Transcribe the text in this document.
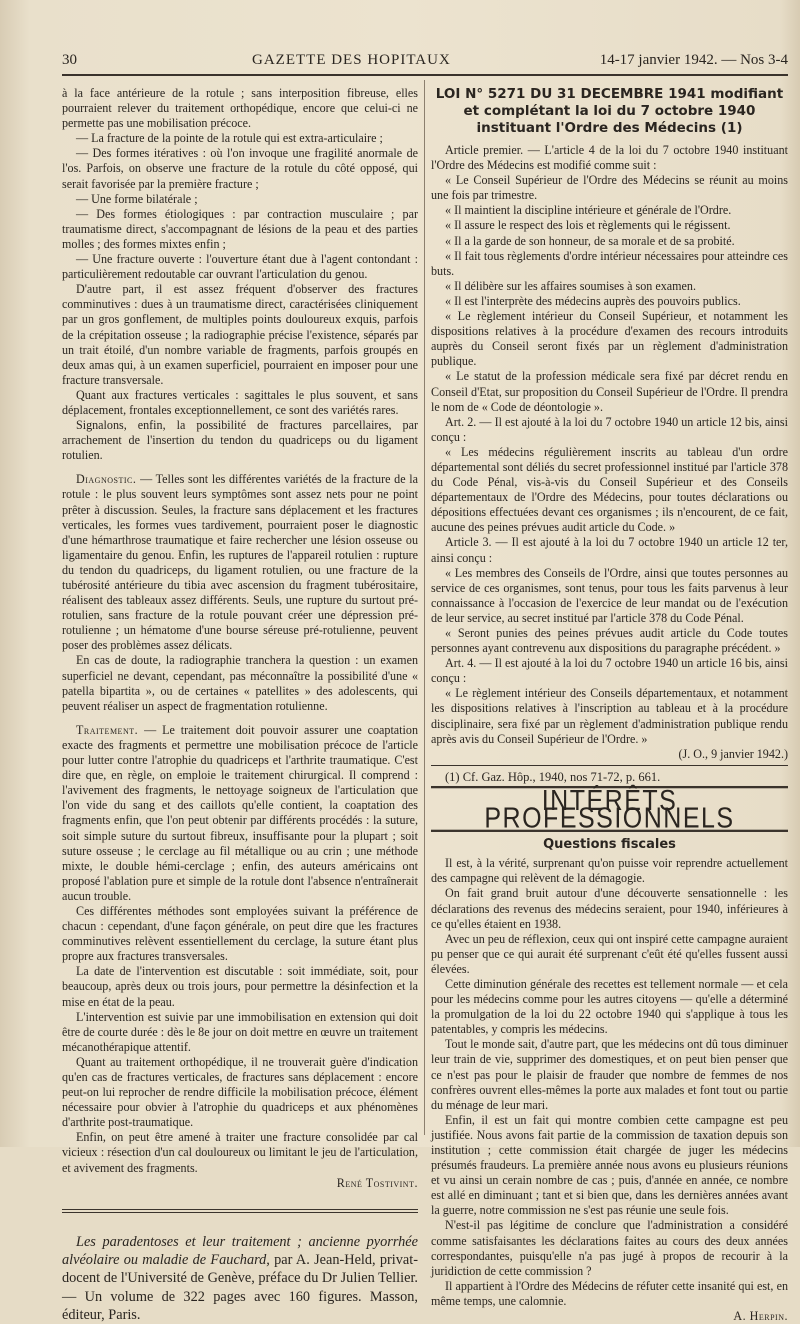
30	GAZETTE DES HOPITAUX	14-17 janvier 1942. — Nos 3-4

à la face antérieure de la rotule ; sans interposition fibreuse, elles pourraient relever du traitement orthopédique, encore que celui-ci ne permette pas une mobilisation précoce.

— La fracture de la pointe de la rotule qui est extra-articulaire ;

— Des formes itératives : où l'on invoque une fragilité anormale de l'os. Parfois, on observe une fracture de la rotule du côté opposé, qui serait favorisée par la première fracture ;

— Une forme bilatérale ;

— Des formes étiologiques : par contraction musculaire ; par traumatisme direct, s'accompagnant de lésions de la peau et des parties molles ; des formes mixtes enfin ;

— Une fracture ouverte : l'ouverture étant due à l'agent contondant : particulièrement redoutable car ouvrant l'articulation du genou.

D'autre part, il est assez fréquent d'observer des fractures comminutives : dues à un traumatisme direct, caractérisées cliniquement par un gros gonflement, de multiples points douloureux exquis, parfois de la crépitation osseuse ; la radiographie précise l'existence, séparés par un trait étoilé, d'un nombre variable de fragments, parfois groupés en deux amas qui, à un examen superficiel, pourraient en imposer pour une fracture transversale.

Quant aux fractures verticales : sagittales le plus souvent, et sans déplacement, frontales exceptionnellement, ce sont des variétés rares.

Signalons, enfin, la possibilité de fractures parcellaires, par arrachement de l'insertion du tendon du quadriceps ou du ligament rotulien.

Diagnostic. — Telles sont les différentes variétés de la fracture de la rotule : le plus souvent leurs symptômes sont assez nets pour ne point prêter à discussion. Seules, la fracture sans déplacement et les fractures verticales, les formes vues tardivement, pourraient poser le diagnostic d'une hémarthrose traumatique et faire rechercher une lésion osseuse ou ligamentaire du genou. Enfin, les ruptures de l'appareil rotulien : rupture du tendon du quadriceps, du ligament rotulien, ou une fracture de la tubérosité antérieure du tibia avec ascension du fragment tubérositaire, réalisent des tableaux assez différents. Seuls, une rupture du surtout pré-rotulien, sans fracture de la rotule pouvant créer une dépression pré-rotulienne ; un hématome d'une bourse séreuse pré-rotulienne, peuvent poser des problèmes assez délicats.

En cas de doute, la radiographie tranchera la question : un examen superficiel ne devant, cependant, pas méconnaître la possibilité d'une « patella bipartita », ou de certaines « patellites » des adolescents, qui peuvent réaliser un aspect de fragmentation rotulienne.

Traitement. — Le traitement doit pouvoir assurer une coaptation exacte des fragments et permettre une mobilisation précoce de l'article pour lutter contre l'atrophie du quadriceps et l'arthrite traumatique. C'est dire que, en règle, on emploie le traitement chirurgical. Il comprend : l'avivement des fragments, le nettoyage soigneux de l'articulation que l'on vide du sang et des caillots qu'elle contient, la coaptation des fragments enfin, que l'on peut obtenir par différents procédés : la suture, soit simple suture du surtout fibreux, insuffisante pour la plupart ; soit suture osseuse ; le cerclage au fil métallique ou au crin ; une méthode mixte, le double hémi-cerclage ; enfin, des auteurs américains ont proposé l'ablation pure et simple de la rotule dont l'absence n'entraînerait aucun trouble.

Ces différentes méthodes sont employées suivant la préférence de chacun : cependant, d'une façon générale, on peut dire que les fractures comminutives relèvent essentiellement du cerclage, la suture étant plus propre aux fractures transversales.

La date de l'intervention est discutable : soit immédiate, soit, pour beaucoup, après deux ou trois jours, pour permettre la désinfection et la mise en état de la peau.

L'intervention est suivie par une immobilisation en extension qui doit être de courte durée : dès le 8e jour on doit mettre en œuvre un traitement mécanothérapique attentif.

Quant au traitement orthopédique, il ne trouverait guère d'indication qu'en cas de fractures verticales, de fractures sans déplacement : encore peut-on lui reprocher de rendre difficile la mobilisation précoce, élément nécessaire pour obvier à l'atrophie du quadriceps et aux phénomènes d'arthrite post-traumatique.

Enfin, on peut être amené à traiter une fracture consolidée par cal vicieux : résection d'un cal douloureux ou limitant le jeu de l'articulation, et avivement des fragments.

René Tostivint.

Les paradentoses et leur traitement ; ancienne pyorrhée alvéolaire ou maladie de Fauchard, par A. Jean-Held, privat-docent de l'Université de Genève, préface du Dr Julien Tellier. — Un volume de 322 pages avec 160 figures. Masson, éditeur, Paris.

LOI N° 5271 DU 31 DECEMBRE 1941 modifiant et complétant la loi du 7 octobre 1940 instituant l'Ordre des Médecins (1)

Article premier. — L'article 4 de la loi du 7 octobre 1940 instituant l'Ordre des Médecins est modifié comme suit :

« Le Conseil Supérieur de l'Ordre des Médecins se réunit au moins une fois par trimestre.

« Il maintient la discipline intérieure et générale de l'Ordre.

« Il assure le respect des lois et règlements qui le régissent.

« Il a la garde de son honneur, de sa morale et de sa probité.

« Il fait tous règlements d'ordre intérieur nécessaires pour atteindre ces buts.

« Il délibère sur les affaires soumises à son examen.

« Il est l'interprète des médecins auprès des pouvoirs publics.

« Le règlement intérieur du Conseil Supérieur, et notamment les dispositions relatives à la procédure d'examen des recours introduits auprès du Conseil seront fixés par un règlement d'administration publique.

« Le statut de la profession médicale sera fixé par décret rendu en Conseil d'Etat, sur proposition du Conseil Supérieur de l'Ordre. Il prendra le nom de « Code de déontologie ».

Art. 2. — Il est ajouté à la loi du 7 octobre 1940 un article 12 bis, ainsi conçu :

« Les médecins régulièrement inscrits au tableau d'un ordre départemental sont déliés du secret professionnel institué par l'article 378 du Code Pénal, vis-à-vis du Conseil Supérieur et des Conseils départementaux de l'Ordre des Médecins, pour toutes déclarations ou dépositions effectuées devant ces organismes ; ils n'encourent, de ce fait, aucune des peines prévues audit article du Code. »

Article 3. — Il est ajouté à la loi du 7 octobre 1940 un article 12 ter, ainsi conçu :

« Les membres des Conseils de l'Ordre, ainsi que toutes personnes au service de ces organismes, sont tenus, pour tous les faits parvenus à leur connaissance à l'occasion de l'exercice de leur mandat ou de l'exécution de leur service, au secret institué par l'article 378 du Code Pénal.

« Seront punies des peines prévues audit article du Code toutes personnes ayant contrevenu aux dispositions du paragraphe précédent. »

Art. 4. — Il est ajouté à la loi du 7 octobre 1940 un article 16 bis, ainsi conçu :

« Le règlement intérieur des Conseils départementaux, et notamment les dispositions relatives à l'inscription au tableau et à la procédure disciplinaire, sera fixé par un règlement d'administration publique rendu après avis du Conseil Supérieur de l'Ordre. »

(J. O., 9 janvier 1942.)

(1) Cf. Gaz. Hôp., 1940, nos 71-72, p. 661.

INTÉRÊTS PROFESSIONNELS
Questions fiscales

Il est, à la vérité, surprenant qu'on puisse voir reprendre actuellement des campagne qui relèvent de la démagogie.

On fait grand bruit autour d'une découverte sensationnelle : les déclarations des revenus des médecins seraient, pour 1940, inférieures à ce qu'elles étaient en 1938.

Avec un peu de réflexion, ceux qui ont inspiré cette campagne auraient pu penser que ce qui aurait été surprenant c'eût été qu'elles fussent aussi élevées.

Cette diminution générale des recettes est tellement normale — et cela pour les médecins comme pour les autres citoyens — qu'elle a déterminé la promulgation de la loi du 22 octobre 1940 qui s'applique à tous les patentables, y compris les médecins.

Tout le monde sait, d'autre part, que les médecins ont dû tous diminuer leur train de vie, supprimer des domestiques, et on peut bien penser que ce n'est pas pour le plaisir de frauder que nombre de femmes de nos confrères ouvrent elles-mêmes la porte aux malades et font tout ou partie du ménage de leur mari.

Enfin, il est un fait qui montre combien cette campagne est peu justifiée. Nous avons fait partie de la commission de taxation depuis son institution ; cette commission était chargée de juger les médecins présumés fraudeurs. La première année nous avons eu plusieurs réunions et vu ainsi un cerain nombre de cas ; puis, d'année en année, ce nombre est allé en diminuant ; tant et si bien que, dans les dernières années avant la guerre, notre commission ne s'est pas réunie une seule fois.

N'est-il pas légitime de conclure que l'administration a considéré comme satisfaisantes les déclarations faites au cours des deux années correspondantes, puisqu'elle n'a pas jugé à propos de recourir à la juridiction de cette commission ?

Il appartient à l'Ordre des Médecins de réfuter cette insanité qui est, en même temps, une calomnie.

A. Herpin.
